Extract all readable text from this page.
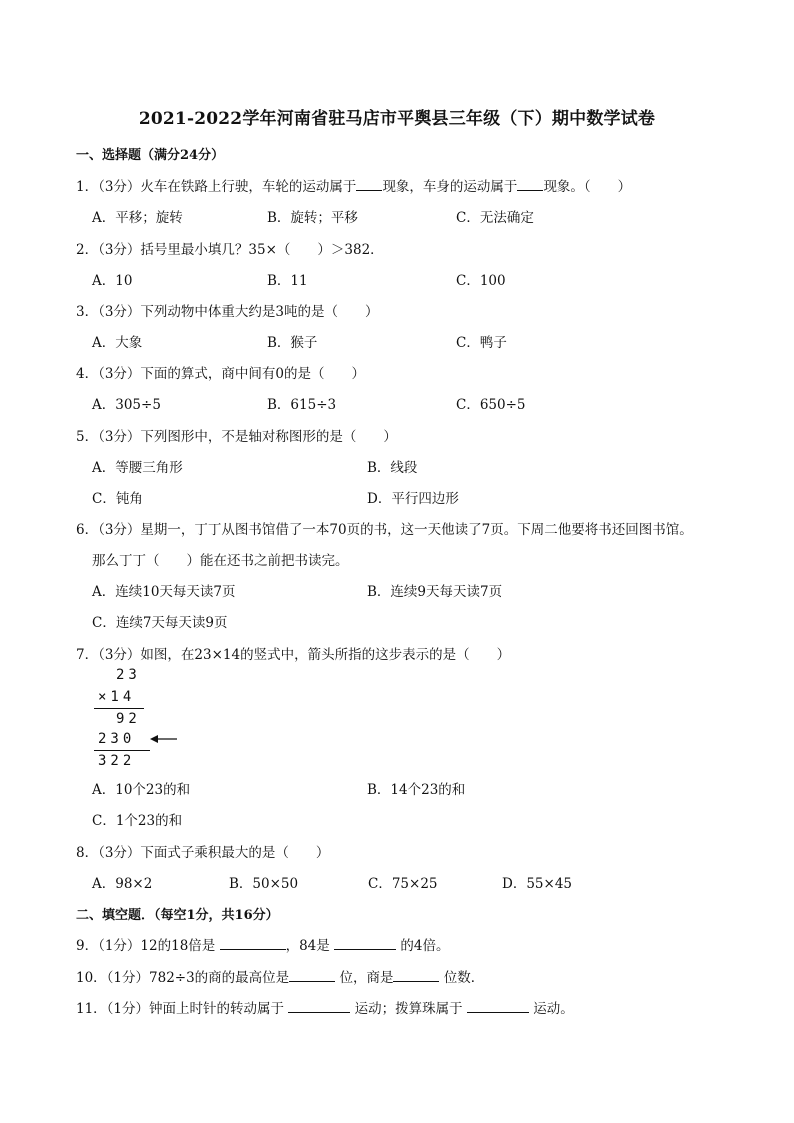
2021-2022学年河南省驻马店市平舆县三年级（下）期中数学试卷
一、选择题（满分24分）
1．（3分）火车在铁路上行驶，车轮的运动属于 现象，车身的运动属于 现象。（　　）
A．平移；旋转	B．旋转；平移	C．无法确定
2．（3分）括号里最小填几？35×（　　）＞382．
A．10	B．11	C．100
3．（3分）下列动物中体重大约是3吨的是（　　）
A．大象	B．猴子	C．鸭子
4．（3分）下面的算式，商中间有0的是（　　）
A．305÷5	B．615÷3	C．650÷5
5．（3分）下列图形中，不是轴对称图形的是（　　）
A．等腰三角形	B．线段
C．钝角	D．平行四边形
6．（3分）星期一，丁丁从图书馆借了一本70页的书，这一天他读了7页。下周二他要将书还回图书馆。
那么丁丁（　　）能在还书之前把书读完。
A．连续10天每天读7页	B．连续9天每天读7页
C．连续7天每天读9页
7．（3分）如图，在23×14的竖式中，箭头所指的这步表示的是（　　）
23
×14
92
230
322
A．10个23的和	B．14个23的和
C．1个23的和
8．（3分）下面式子乘积最大的是（　　）
A．98×2	B．50×50	C．75×25	D．55×45
二、填空题．（每空1分，共16分）
9．（1分）12的18倍是	，84是	的4倍。
10．（1分）782÷3的商的最高位是	位，商是	位数．
11．（1分）钟面上时针的转动属于	运动；拨算珠属于	运动。
